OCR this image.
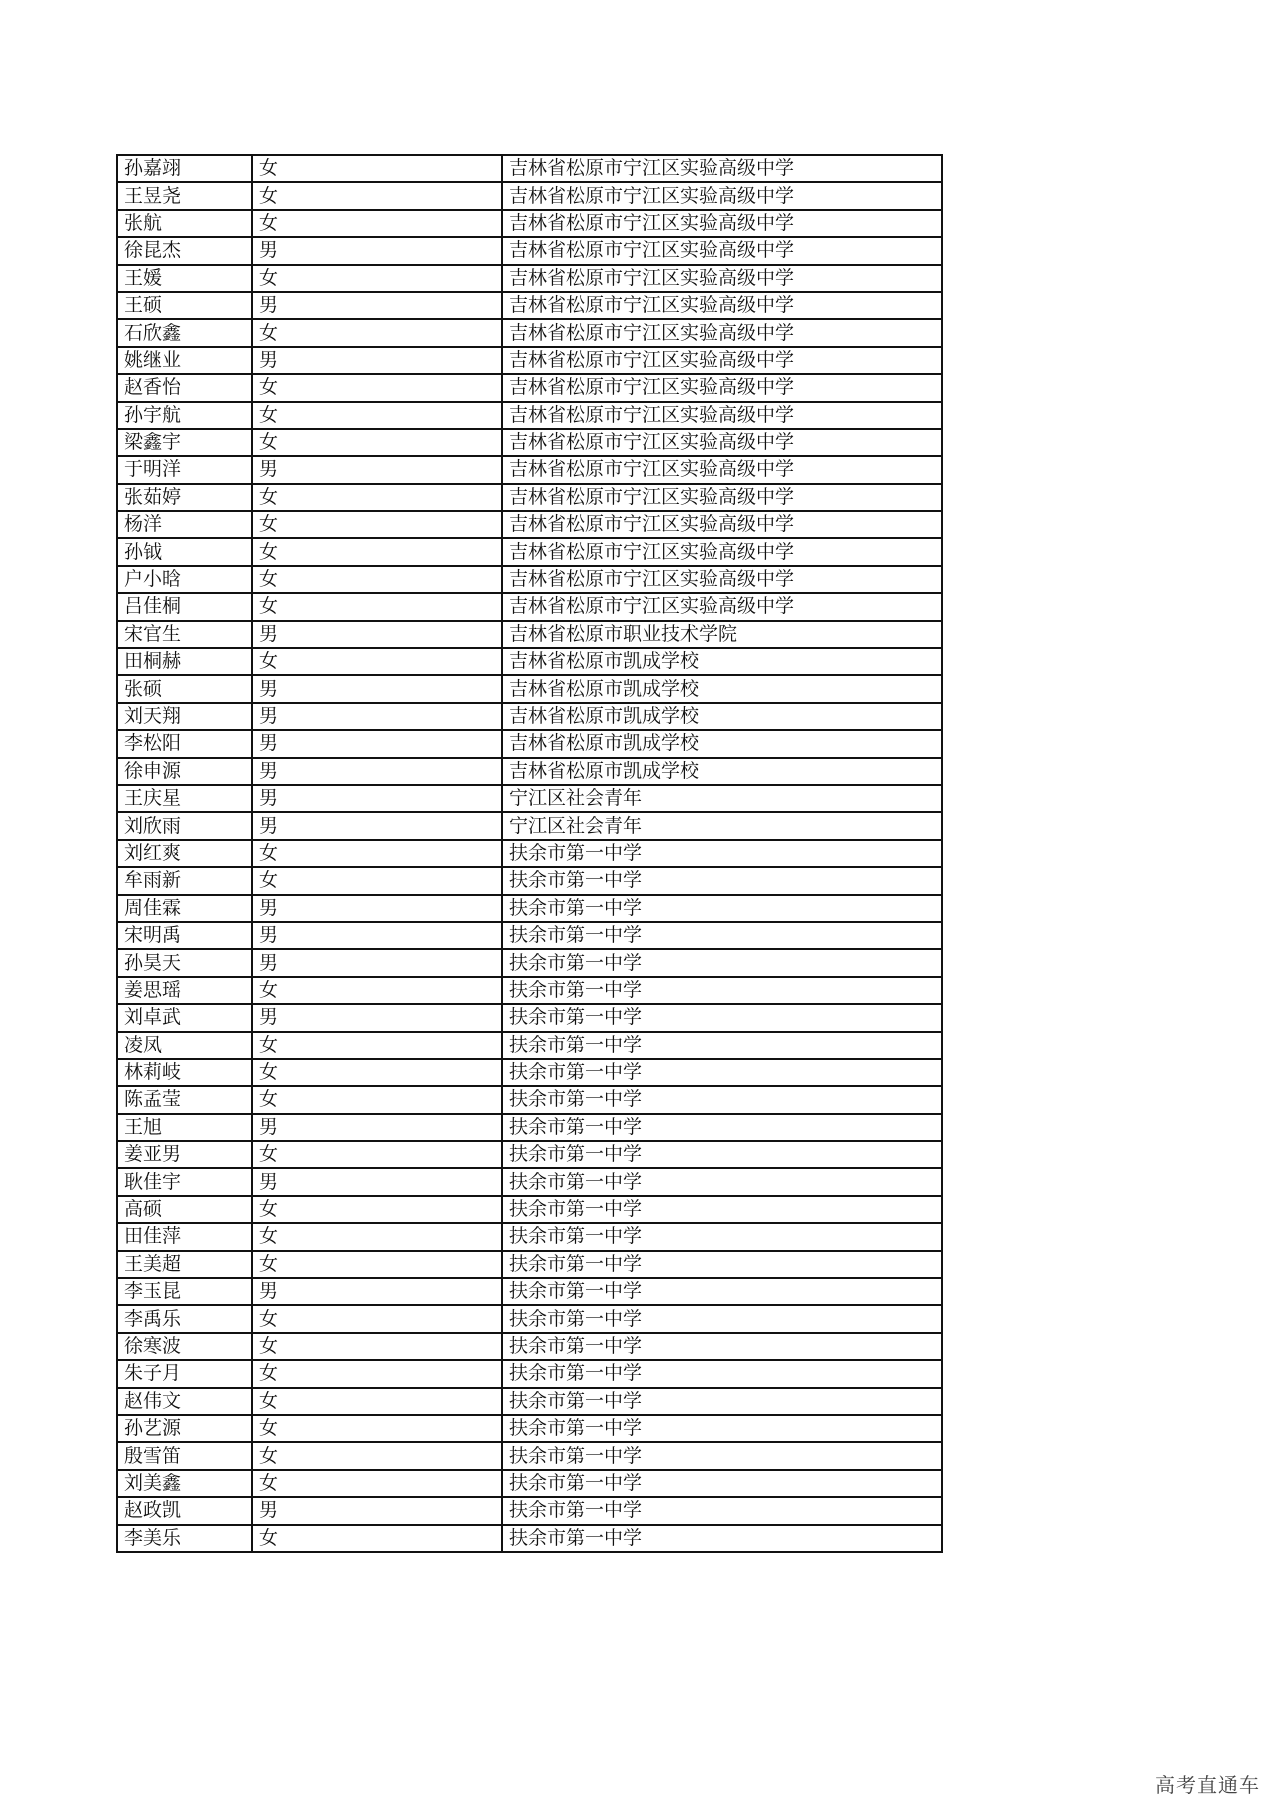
孙嘉翊	女	吉林省松原市宁江区实验高级中学
王昱尧	女	吉林省松原市宁江区实验高级中学
张航	女	吉林省松原市宁江区实验高级中学
徐昆杰	男	吉林省松原市宁江区实验高级中学
王媛	女	吉林省松原市宁江区实验高级中学
王硕	男	吉林省松原市宁江区实验高级中学
石欣鑫	女	吉林省松原市宁江区实验高级中学
姚继业	男	吉林省松原市宁江区实验高级中学
赵香怡	女	吉林省松原市宁江区实验高级中学
孙宇航	女	吉林省松原市宁江区实验高级中学
梁鑫宇	女	吉林省松原市宁江区实验高级中学
于明洋	男	吉林省松原市宁江区实验高级中学
张茹婷	女	吉林省松原市宁江区实验高级中学
杨洋	女	吉林省松原市宁江区实验高级中学
孙钺	女	吉林省松原市宁江区实验高级中学
户小晗	女	吉林省松原市宁江区实验高级中学
吕佳桐	女	吉林省松原市宁江区实验高级中学
宋官生	男	吉林省松原市职业技术学院
田桐赫	女	吉林省松原市凯成学校
张硕	男	吉林省松原市凯成学校
刘天翔	男	吉林省松原市凯成学校
李松阳	男	吉林省松原市凯成学校
徐申源	男	吉林省松原市凯成学校
王庆星	男	宁江区社会青年
刘欣雨	男	宁江区社会青年
刘红爽	女	扶余市第一中学
牟雨新	女	扶余市第一中学
周佳霖	男	扶余市第一中学
宋明禹	男	扶余市第一中学
孙昊天	男	扶余市第一中学
姜思瑶	女	扶余市第一中学
刘卓武	男	扶余市第一中学
凌凤	女	扶余市第一中学
林莉岐	女	扶余市第一中学
陈孟莹	女	扶余市第一中学
王旭	男	扶余市第一中学
姜亚男	女	扶余市第一中学
耿佳宇	男	扶余市第一中学
高硕	女	扶余市第一中学
田佳萍	女	扶余市第一中学
王美超	女	扶余市第一中学
李玉昆	男	扶余市第一中学
李禹乐	女	扶余市第一中学
徐寒波	女	扶余市第一中学
朱子月	女	扶余市第一中学
赵伟文	女	扶余市第一中学
孙艺源	女	扶余市第一中学
殷雪笛	女	扶余市第一中学
刘美鑫	女	扶余市第一中学
赵政凯	男	扶余市第一中学
李美乐	女	扶余市第一中学
高考直通车
